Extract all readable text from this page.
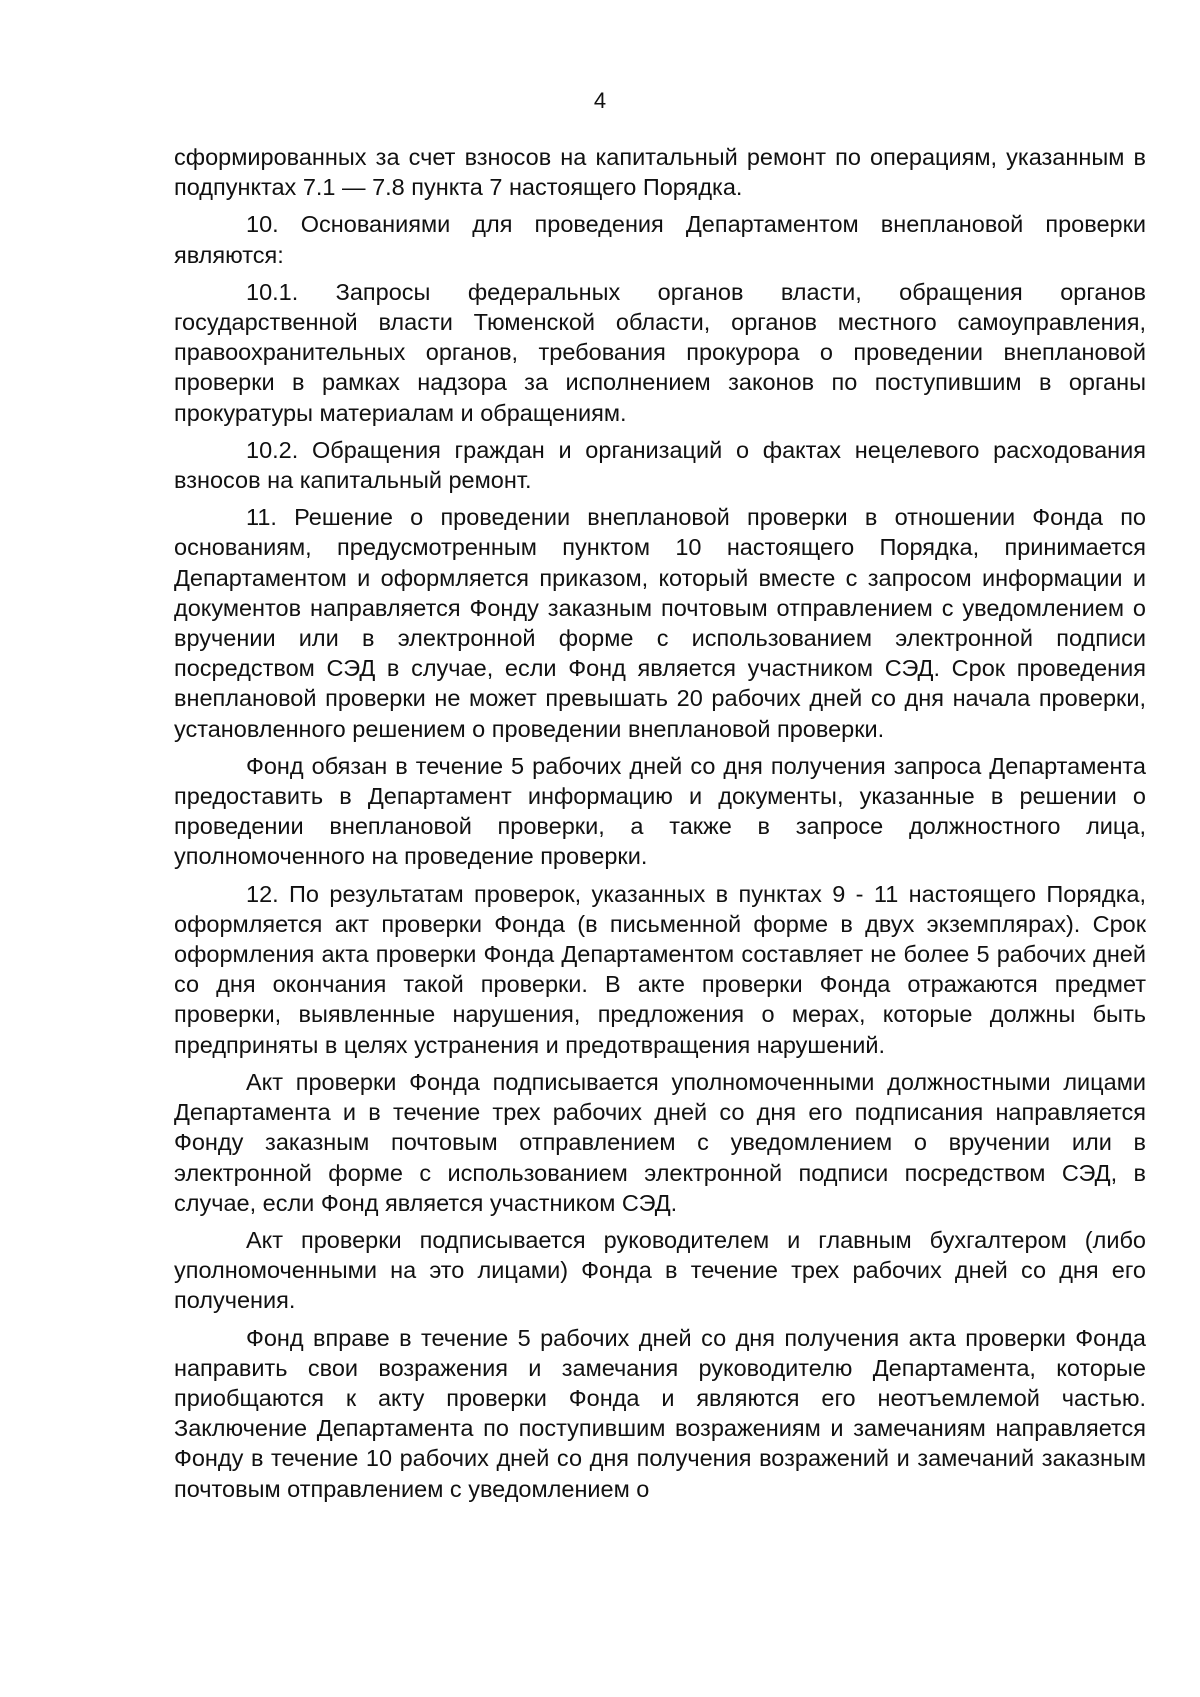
4

сформированных за счет взносов на капитальный ремонт по операциям, указанным в подпунктах 7.1 — 7.8 пункта 7 настоящего Порядка.

10. Основаниями для проведения Департаментом внеплановой проверки являются:

10.1. Запросы федеральных органов власти, обращения органов государственной власти Тюменской области, органов местного самоуправления, правоохранительных органов, требования прокурора о проведении внеплановой проверки в рамках надзора за исполнением законов по поступившим в органы прокуратуры материалам и обращениям.

10.2. Обращения граждан и организаций о фактах нецелевого расходования взносов на капитальный ремонт.

11. Решение о проведении внеплановой проверки в отношении Фонда по основаниям, предусмотренным пунктом 10 настоящего Порядка, принимается Департаментом и оформляется приказом, который вместе с запросом информации и документов направляется Фонду заказным почтовым отправлением с уведомлением о вручении или в электронной форме с использованием электронной подписи посредством СЭД в случае, если Фонд является участником СЭД. Срок проведения внеплановой проверки не может превышать 20 рабочих дней со дня начала проверки, установленного решением о проведении внеплановой проверки.

Фонд обязан в течение 5 рабочих дней со дня получения запроса Департамента предоставить в Департамент информацию и документы, указанные в решении о проведении внеплановой проверки, а также в запросе должностного лица, уполномоченного на проведение проверки.

12. По результатам проверок, указанных в пунктах 9 - 11 настоящего Порядка, оформляется акт проверки Фонда (в письменной форме в двух экземплярах). Срок оформления акта проверки Фонда Департаментом составляет не более 5 рабочих дней со дня окончания такой проверки. В акте проверки Фонда отражаются предмет проверки, выявленные нарушения, предложения о мерах, которые должны быть предприняты в целях устранения и предотвращения нарушений.

Акт проверки Фонда подписывается уполномоченными должностными лицами Департамента и в течение трех рабочих дней со дня его подписания направляется Фонду заказным почтовым отправлением с уведомлением о вручении или в электронной форме с использованием электронной подписи посредством СЭД, в случае, если Фонд является участником СЭД.

Акт проверки подписывается руководителем и главным бухгалтером (либо уполномоченными на это лицами) Фонда в течение трех рабочих дней со дня его получения.

Фонд вправе в течение 5 рабочих дней со дня получения акта проверки Фонда направить свои возражения и замечания руководителю Департамента, которые приобщаются к акту проверки Фонда и являются его неотъемлемой частью. Заключение Департамента по поступившим возражениям и замечаниям направляется Фонду в течение 10 рабочих дней со дня получения возражений и замечаний заказным почтовым отправлением с уведомлением о
